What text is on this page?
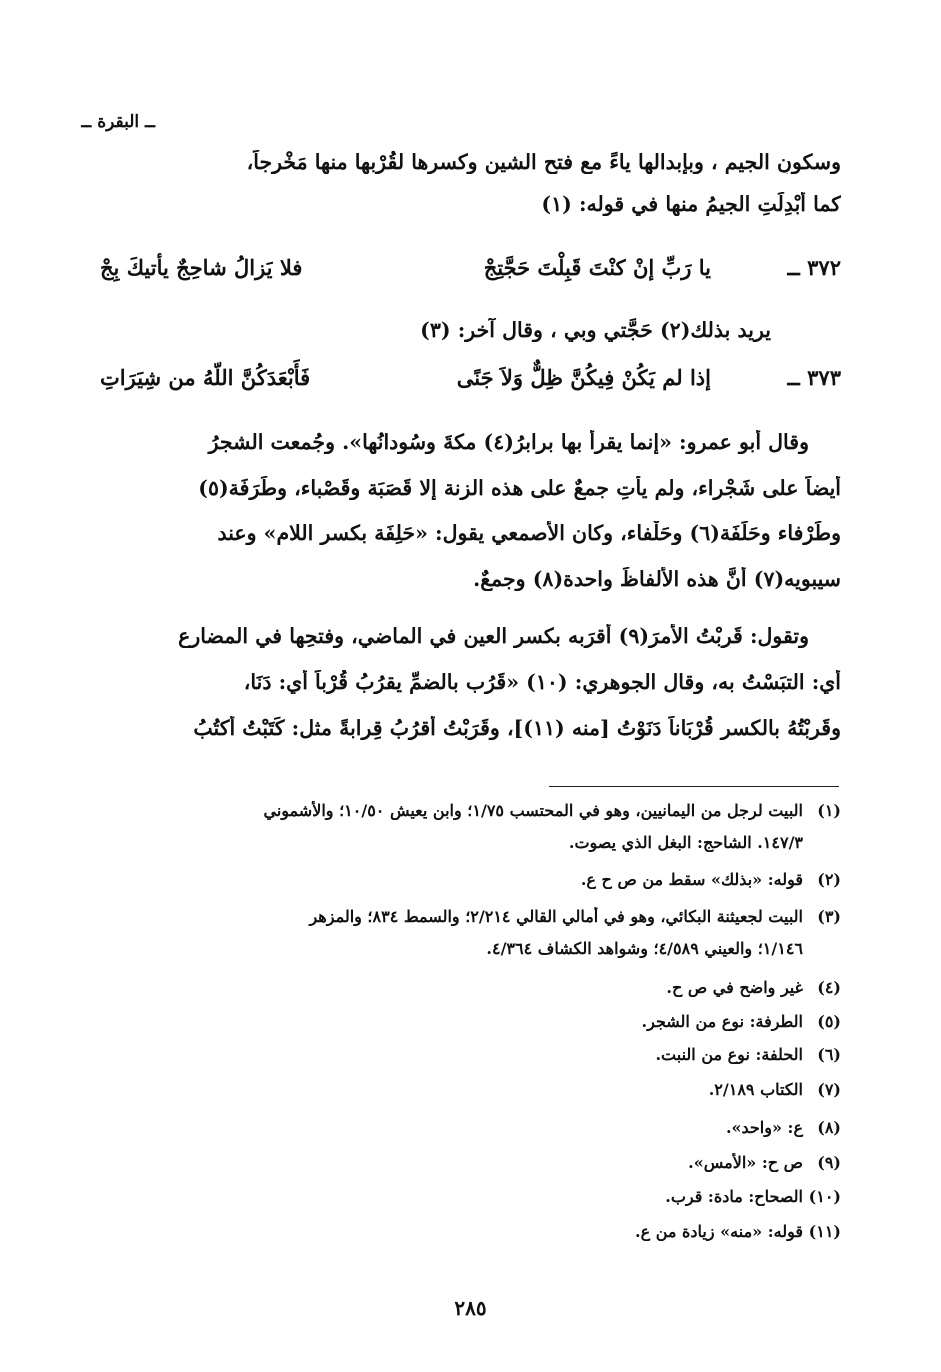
ــ البقرة ــ
وسكونِ الجيم ، وبإبدالها ياءً مع فتحِ الشين وكسرِها لقُرْبها منها مَخْرجاً،
كما أُبْدِلَتِ الجيمُ منها في قوله: (١)
٣٧٢ ــ
يا رَبِّ إنْ كنْتَ قَبِلْتَ حَجَّتِجْ
فلا يَزالُ شاحِجٌ يأتيكَ بِجْ
يريد بذلك(٢) حَجَّتي وبي ، وقال آخر: (٣)
٣٧٣ ــ
إذا لم يَكُنْ فِيكُنَّ ظِلٌّ وَلاَ جَنًى
فَأَبْعَدَكُنَّ اللّهُ من شِيَرَاتِ
وقال أبو عمرو: «إنما يقرأ بها برابرُ(٤) مكةَ وسُودانُها». وجُمعت الشجرُ
أيضاً على شَجْراء، ولم يأتِ جمعٌ على هذه الزنة إلا قَصَبَة وقَصْباء، وطَرَفَة(٥)
وطَرْفاء وحَلَفَة(٦) وحَلْفاء، وكان الأصمعي يقول: «حَلِفَة بكسر اللام» وعند
سيبويه(٧) أنَّ هذه الألفاظَ واحدة(٨) وجمعٌ.
وتقول: قَرِبْتُ الأمرَ(٩) أقرَبه بكسرِ العين في الماضي، وفتحِها في المضارع
أي: التبَسْتُ به، وقال الجوهري: (١٠) «قَرُب بالضمِّ يقرُبُ قُرْباً أي: دَنَا،
وقَرِبْتُهُ بالكسر قُرْبَاناً دَنَوْتُ [منه (١١)]، وقَرَبْتُ أقرُبُ قِرابةً مثل: كَتَبْتُ أكتُبُ
(١)البيت لرجل من اليمانيين، وهو في المحتسب ١/٧٥؛ وابن يعيش ١٠/٥٠؛ والأشموني
١٤٧/٣. الشاحج: البغل الذي يصوت.
(٢)قوله: «بذلك» سقط من ص ح ع.
(٣)البيت لجعيثنة البكائي، وهو في أمالي القالي ٢/٢١٤؛ والسمط ٨٣٤؛ والمزهر
١/١٤٦؛ والعيني ٤/٥٨٩؛ وشواهد الكشاف ٤/٣٦٤.
(٤)غير واضح في ص ح.
(٥)الطرفة: نوع من الشجر.
(٦)الحلفة: نوع من النبت.
(٧)الكتاب ٢/١٨٩.
(٨)ع: «واحد».
(٩)ص ح: «الأمس».
(١٠)الصحاح: مادة: قرب.
(١١)قوله: «منه» زيادة من ع.
٢٨٥
